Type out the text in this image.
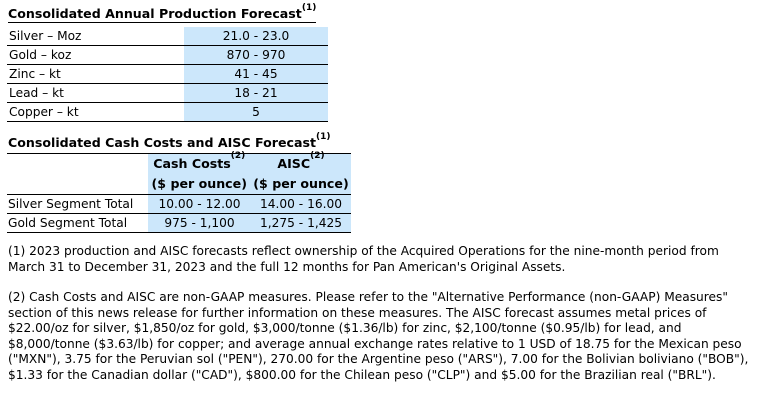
Consolidated Annual Production Forecast$^{(1)}$
Silver – Moz	21.0 - 23.0
Gold – koz	870 - 970
Zinc – kt	41 - 45
Lead – kt	18 - 21
Copper – kt	5
Consolidated Cash Costs and AISC Forecast$^{(1)}$
	Cash Costs$^{(2)}$	AISC$^{(2)}$
	($ per ounce)	($ per ounce)
Silver Segment Total	10.00 - 12.00	14.00 - 16.00
Gold Segment Total	975 - 1,100	1,275 - 1,425

(1) 2023 production and AISC forecasts reflect ownership of the Acquired Operations for the nine-month period from March 31 to December 31, 2023 and the full 12 months for Pan American's Original Assets.

(2) Cash Costs and AISC are non-GAAP measures. Please refer to the "Alternative Performance (non-GAAP) Measures" section of this news release for further information on these measures. The AISC forecast assumes metal prices of $22.00/oz for silver, $1,850/oz for gold, $3,000/tonne ($1.36/lb) for zinc, $2,100/tonne ($0.95/lb) for lead, and $8,000/tonne ($3.63/lb) for copper; and average annual exchange rates relative to 1 USD of 18.75 for the Mexican peso ("MXN"), 3.75 for the Peruvian sol ("PEN"), 270.00 for the Argentine peso ("ARS"), 7.00 for the Bolivian boliviano ("BOB"), $1.33 for the Canadian dollar ("CAD"), $800.00 for the Chilean peso ("CLP") and $5.00 for the Brazilian real ("BRL").
